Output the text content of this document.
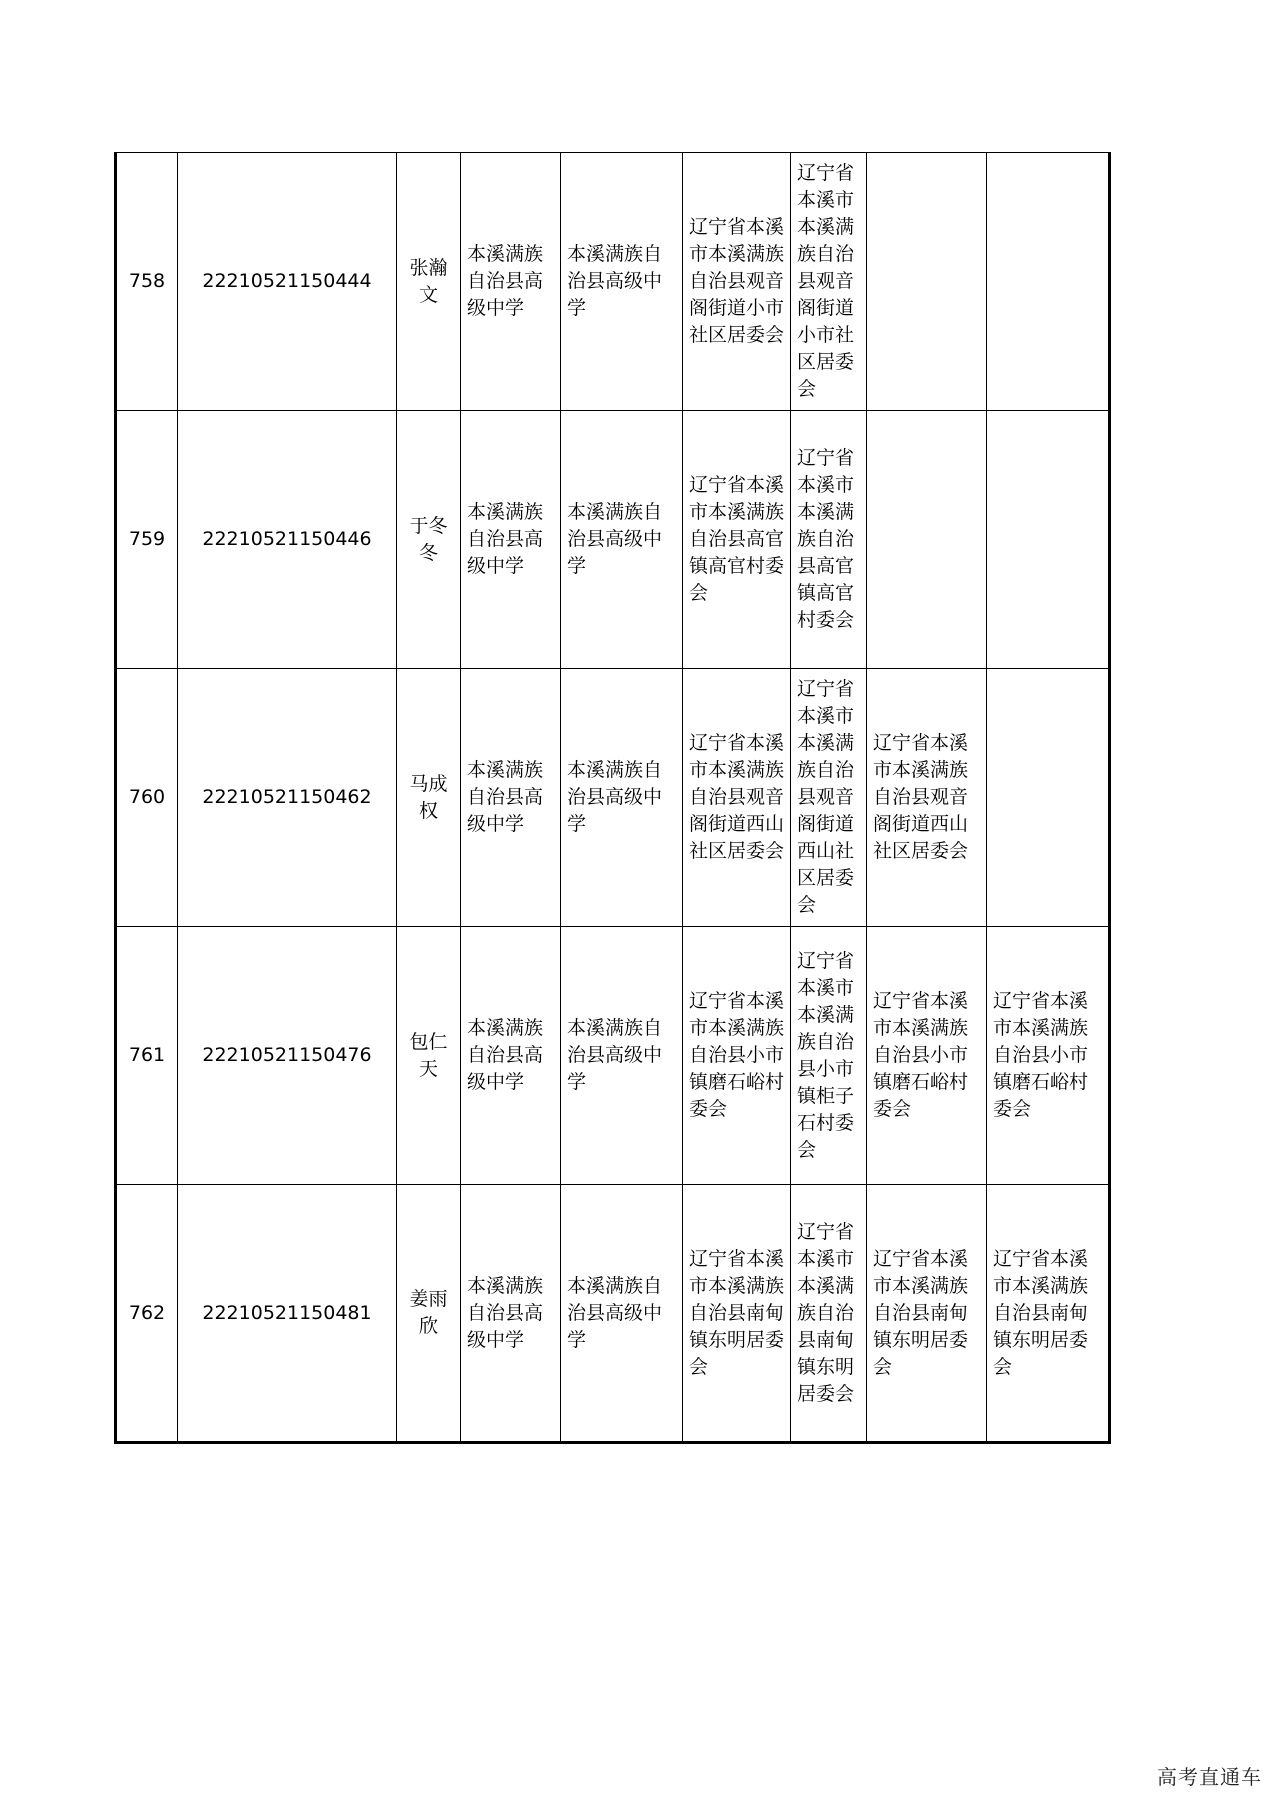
758	22210521150444	张瀚文	本溪满族自治县高级中学	本溪满族自治县高级中学	辽宁省本溪市本溪满族自治县观音阁街道小市社区居委会	辽宁省本溪市本溪满族自治县观音阁街道小市社区居委会		
759	22210521150446	于冬冬	本溪满族自治县高级中学	本溪满族自治县高级中学	辽宁省本溪市本溪满族自治县高官镇高官村委会	辽宁省本溪市本溪满族自治县高官镇高官村委会		
760	22210521150462	马成权	本溪满族自治县高级中学	本溪满族自治县高级中学	辽宁省本溪市本溪满族自治县观音阁街道西山社区居委会	辽宁省本溪市本溪满族自治县观音阁街道西山社区居委会	辽宁省本溪市本溪满族自治县观音阁街道西山社区居委会	
761	22210521150476	包仁天	本溪满族自治县高级中学	本溪满族自治县高级中学	辽宁省本溪市本溪满族自治县小市镇磨石峪村委会	辽宁省本溪市本溪满族自治县小市镇柜子石村委会	辽宁省本溪市本溪满族自治县小市镇磨石峪村委会	辽宁省本溪市本溪满族自治县小市镇磨石峪村委会
762	22210521150481	姜雨欣	本溪满族自治县高级中学	本溪满族自治县高级中学	辽宁省本溪市本溪满族自治县南甸镇东明居委会	辽宁省本溪市本溪满族自治县南甸镇东明居委会	辽宁省本溪市本溪满族自治县南甸镇东明居委会	辽宁省本溪市本溪满族自治县南甸镇东明居委会
高考直通车
